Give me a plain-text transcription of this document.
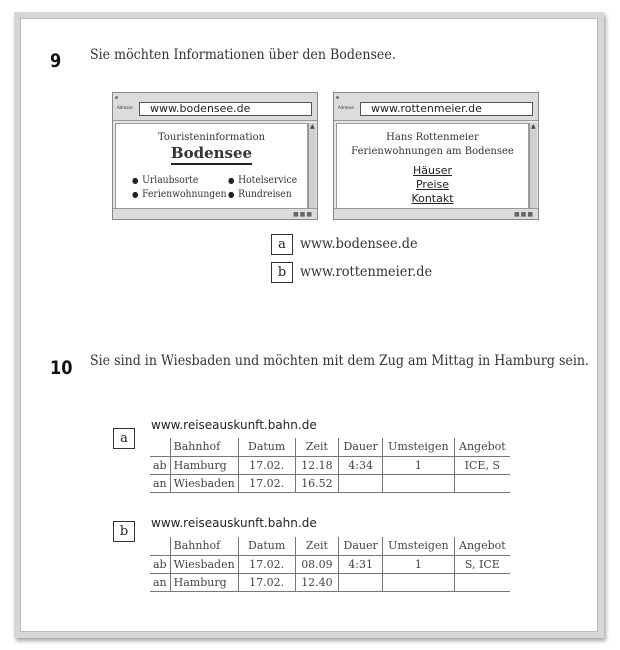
9 Sie möchten Informationen über den Bodensee.
Adresse	www.bodensee.de
Touristeninformation
Bodensee
● Urlaubsorte	● Hotelservice
● Ferienwohnungen	● Rundreisen
▲
■■■
Adresse	www.rottenmeier.de
Hans Rottenmeier
Ferienwohnungen am Bodensee
Häuser
Preise
Kontakt
▲
■■■
a	www.bodensee.de
b www.rottenmeier.de
10 Sie sind in Wiesbaden und möchten mit dem Zug am Mittag in Hamburg sein.
www.reiseauskunft.bahn.de
a
	Bahnhof	Datum	Zeit	Dauer	Umsteigen	Angebot
ab	Hamburg	17.02.	12.18	4:34	1	ICE, S
an	Wiesbaden	17.02.	16.52			
www.reiseauskunft.bahn.de
b
	Bahnhof	Datum	Zeit	Dauer	Umsteigen	Angebot
ab	Wiesbaden	17.02.	08.09	4:31	1	S, ICE
an	Hamburg	17.02.	12.40			
